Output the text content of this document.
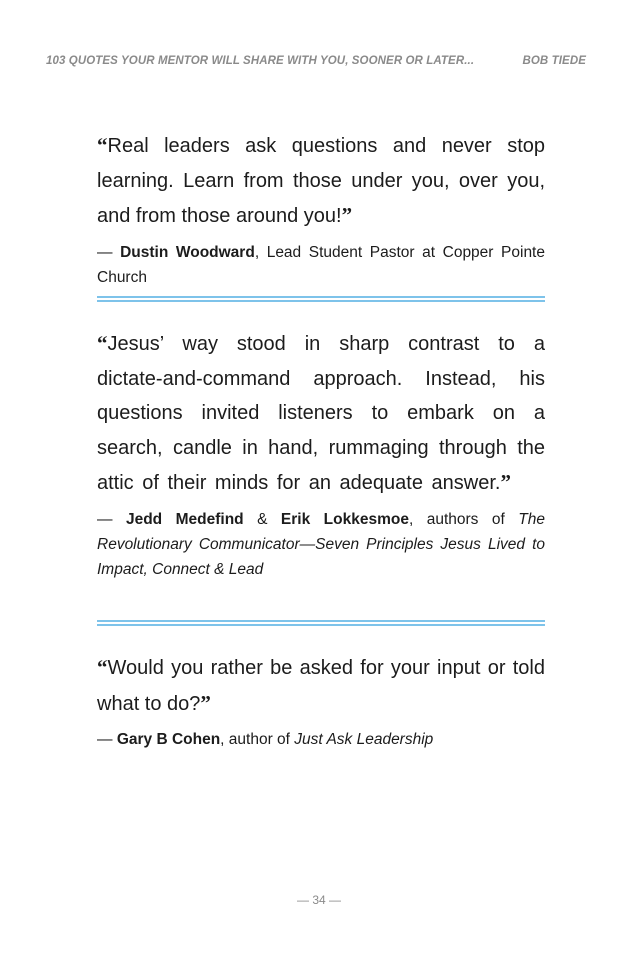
103 QUOTES YOUR MENTOR WILL SHARE WITH YOU, SOONER OR LATER...	BOB TIEDE

“Real leaders ask questions and never stop learning. Learn from those under you, over you, and from those around you!”

— Dustin Woodward, Lead Student Pastor at Copper Pointe Church

“Jesus’ way stood in sharp contrast to a dictate-and-command approach. Instead, his questions invited listeners to embark on a search, candle in hand, rummaging through the attic of their minds for an adequate answer.”

— Jedd Medefind & Erik Lokkesmoe, authors of The Revolutionary Communicator—Seven Principles Jesus Lived to Impact, Connect & Lead

“Would you rather be asked for your input or told what to do?”

— Gary B Cohen, author of Just Ask Leadership

— 34 —
